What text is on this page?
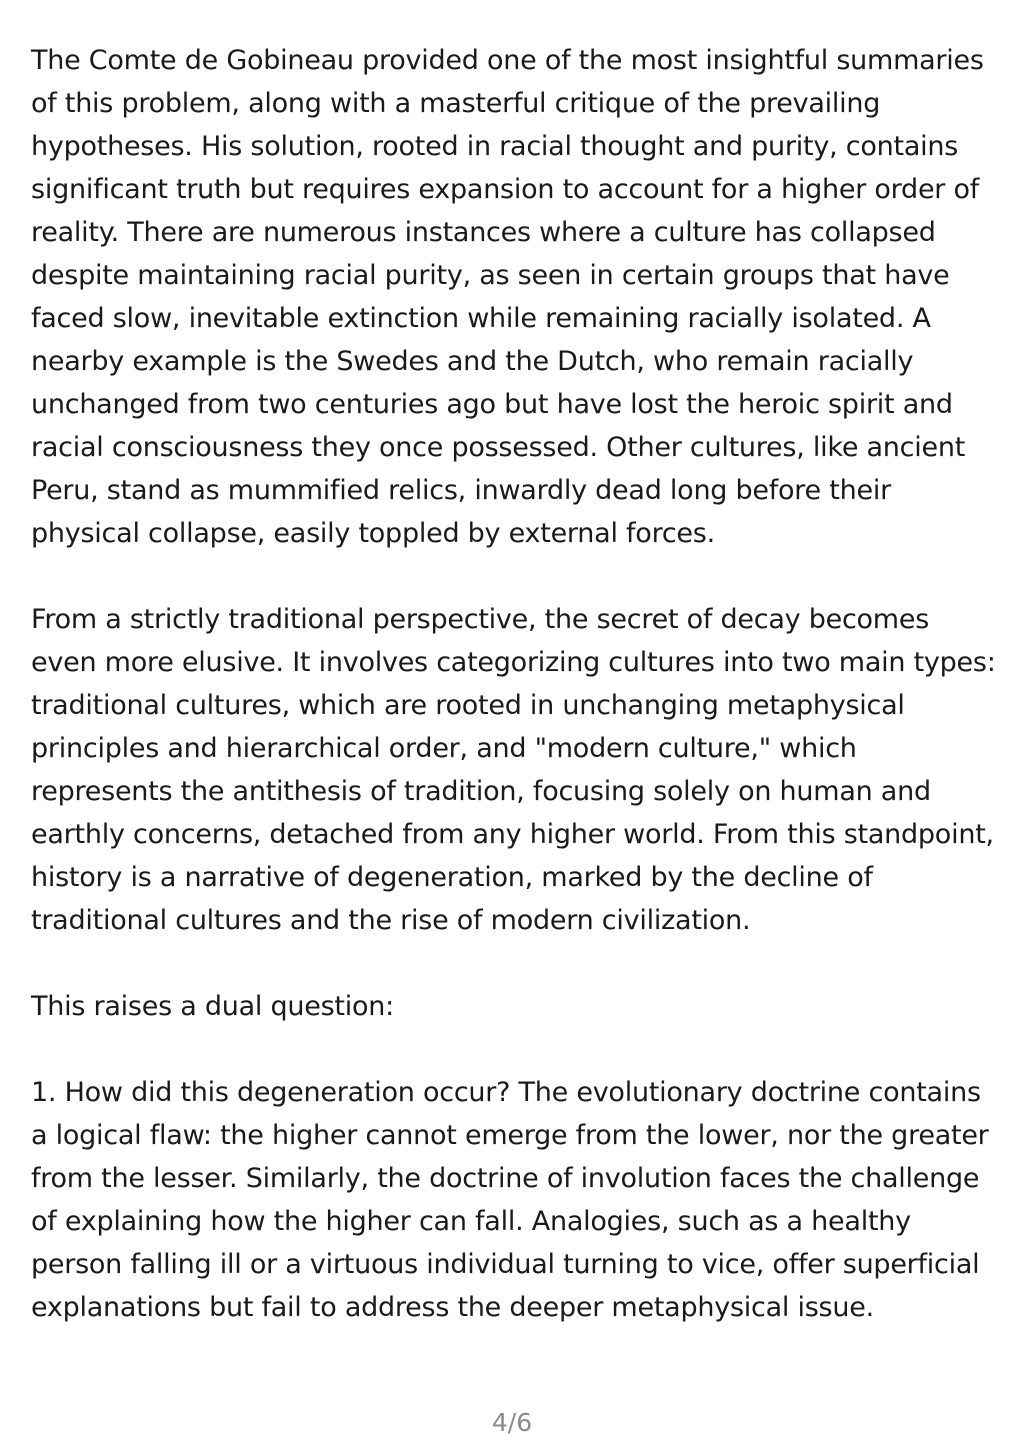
The Comte de Gobineau provided one of the most insightful summaries of this problem, along with a masterful critique of the prevailing hypotheses. His solution, rooted in racial thought and purity, contains significant truth but requires expansion to account for a higher order of reality. There are numerous instances where a culture has collapsed despite maintaining racial purity, as seen in certain groups that have faced slow, inevitable extinction while remaining racially isolated. A nearby example is the Swedes and the Dutch, who remain racially unchanged from two centuries ago but have lost the heroic spirit and racial consciousness they once possessed. Other cultures, like ancient Peru, stand as mummified relics, inwardly dead long before their physical collapse, easily toppled by external forces.

From a strictly traditional perspective, the secret of decay becomes even more elusive. It involves categorizing cultures into two main types: traditional cultures, which are rooted in unchanging metaphysical principles and hierarchical order, and "modern culture," which represents the antithesis of tradition, focusing solely on human and earthly concerns, detached from any higher world. From this standpoint, history is a narrative of degeneration, marked by the decline of traditional cultures and the rise of modern civilization.

This raises a dual question:

1. How did this degeneration occur? The evolutionary doctrine contains a logical flaw: the higher cannot emerge from the lower, nor the greater from the lesser. Similarly, the doctrine of involution faces the challenge of explaining how the higher can fall. Analogies, such as a healthy person falling ill or a virtuous individual turning to vice, offer superficial explanations but fail to address the deeper metaphysical issue.

4/6
